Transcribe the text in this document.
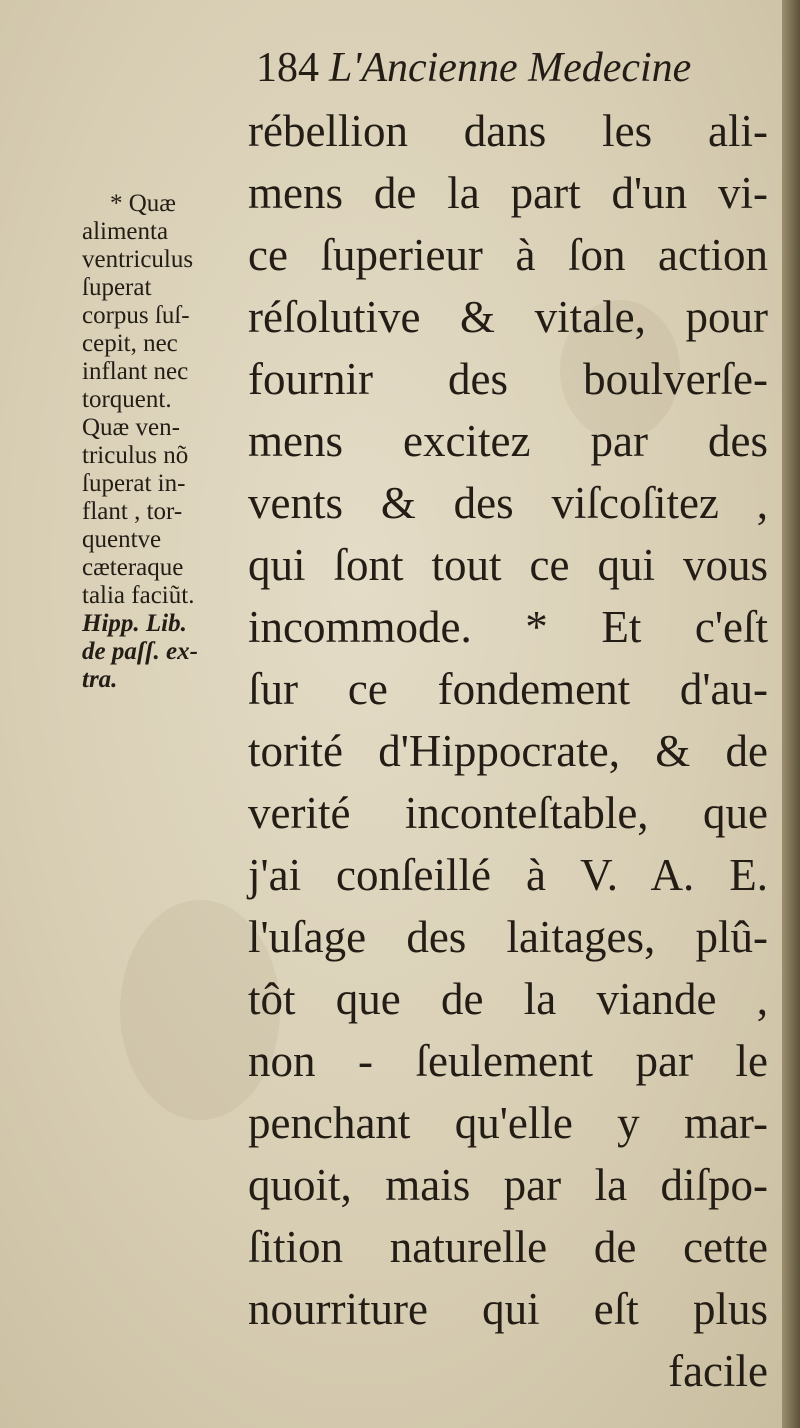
184 L'Ancienne Medecine
* Quæ
alimenta
ventriculus
ſuperat
corpus ſuſ-
cepit, nec
inflant nec
torquent.
Quæ ven-
triculus nõ
ſuperat in-
flant , tor-
quentve
cæteraque
talia faciũt.
Hipp. Lib.
de paſſ. ex-
tra.
rébellion dans les ali-
mens de la part d'un vi-
ce ſuperieur à ſon action
réſolutive & vitale, pour
fournir des boulverſe-
mens excitez par des
vents & des viſcoſitez ,
qui ſont tout ce qui vous
incommode. * Et c'eſt
ſur ce fondement d'au-
torité d'Hippocrate, & de
verité inconteſtable, que
j'ai conſeillé à V. A. E.
l'uſage des laitages, plû-
tôt que de la viande ,
non - ſeulement par le
penchant qu'elle y mar-
quoit, mais par la diſpo-
ſition naturelle de cette
nourriture qui eſt plus
facile
